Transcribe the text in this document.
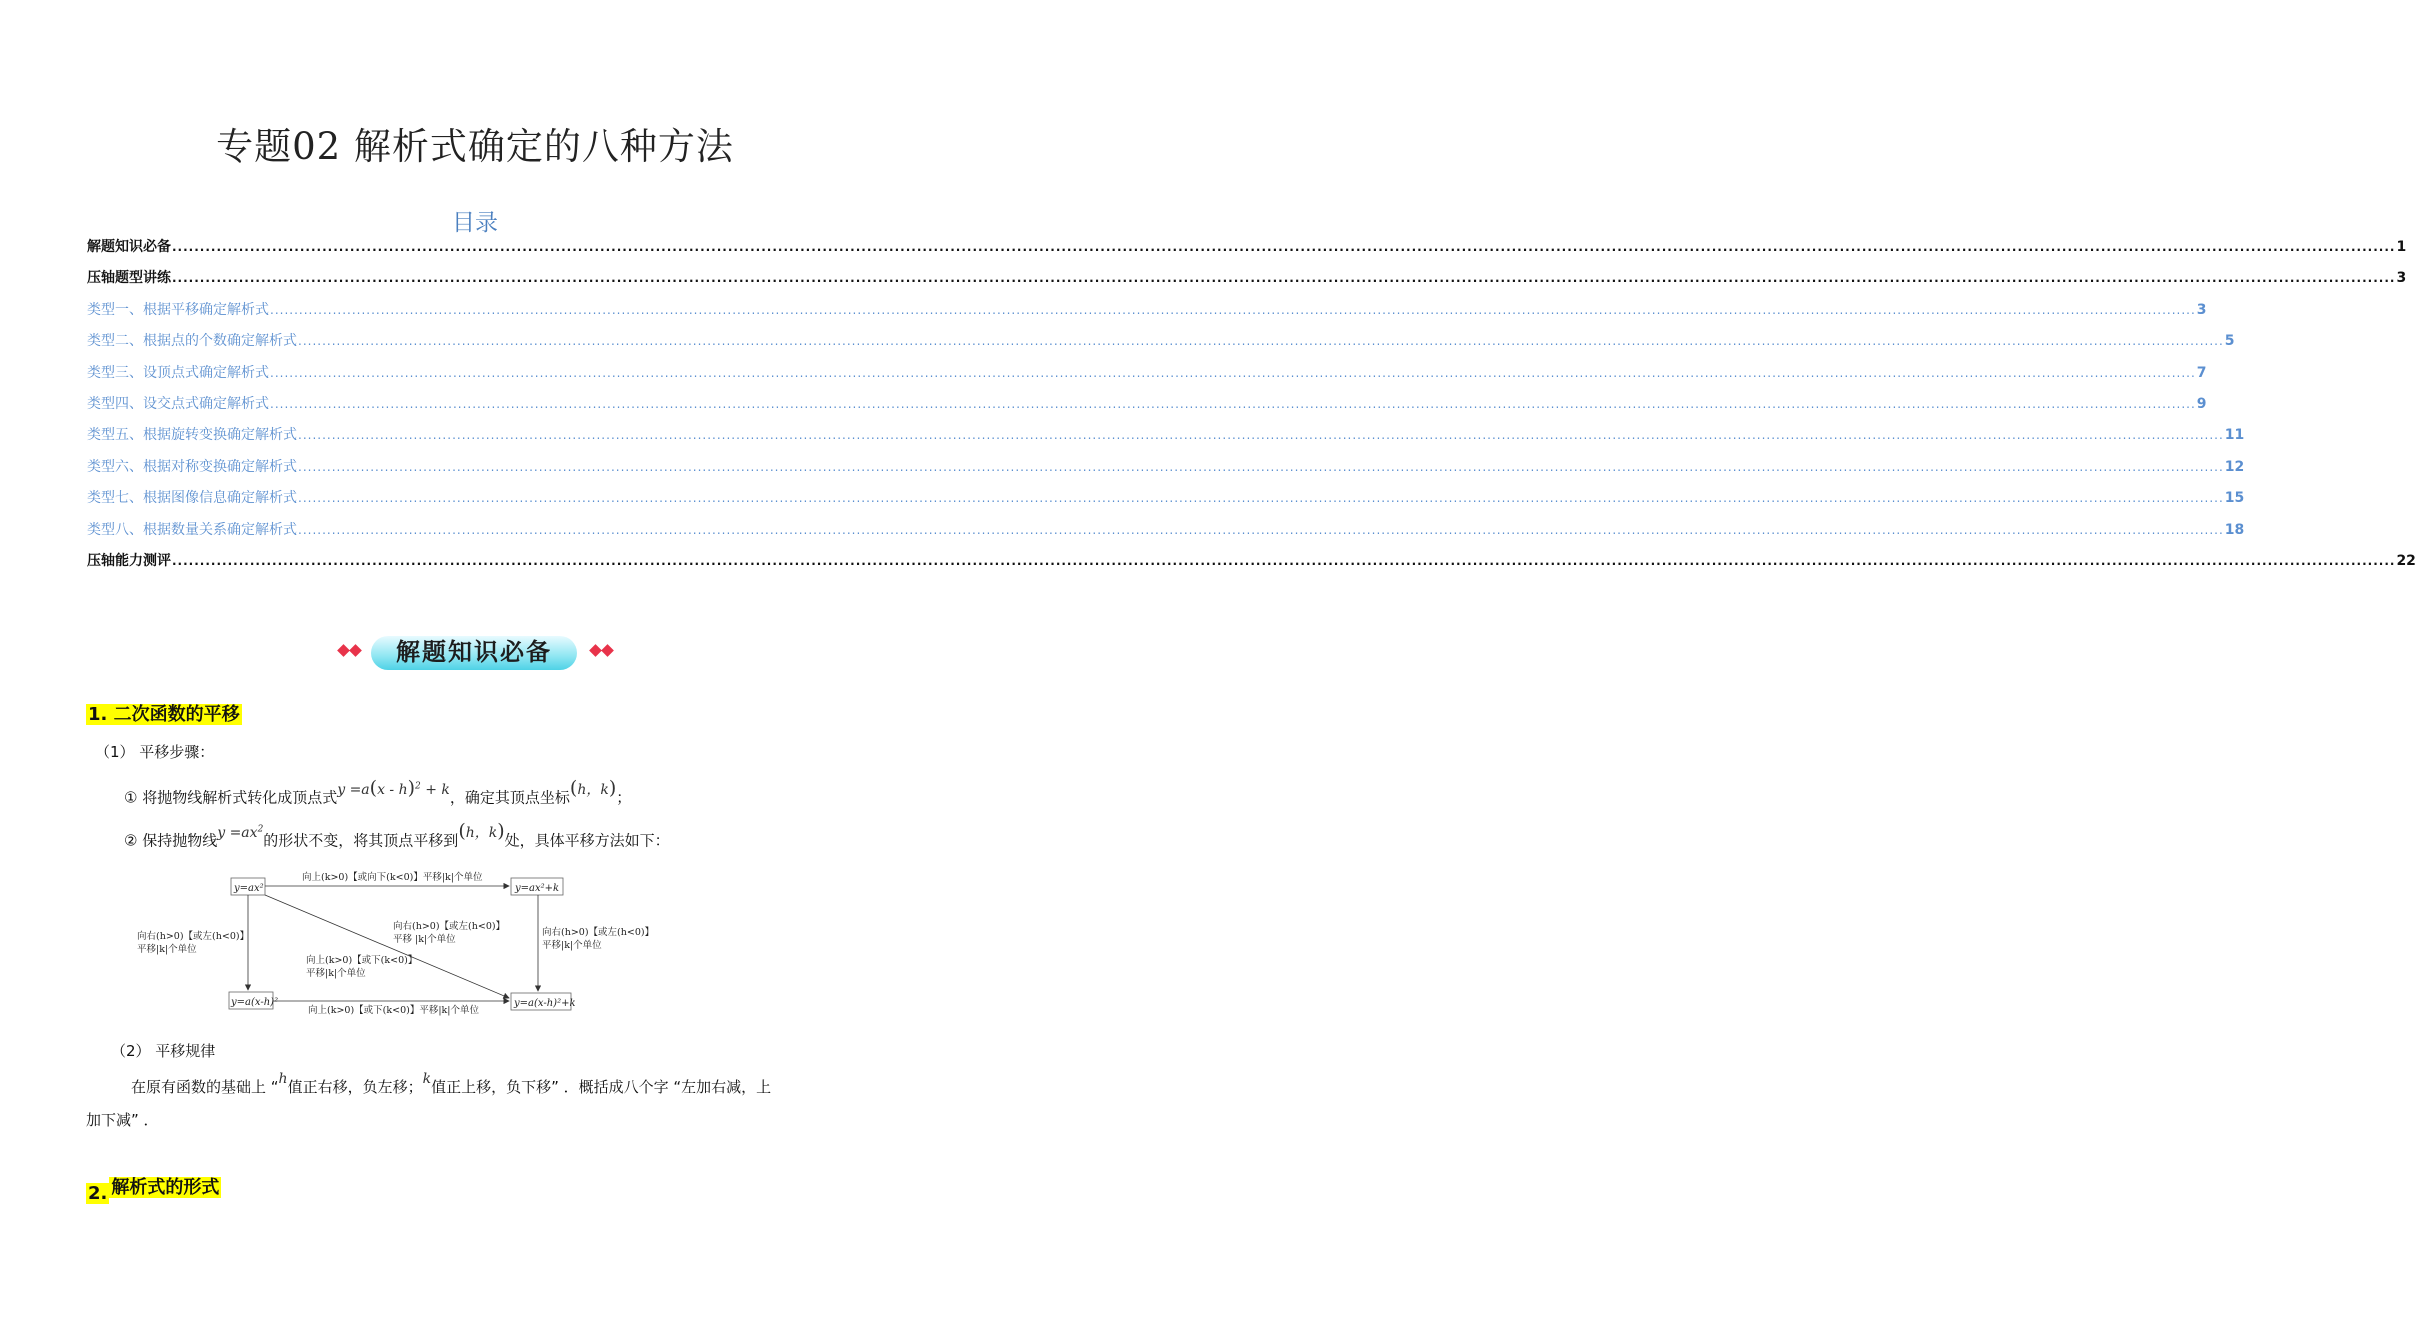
专题02 解析式确定的八种方法
目录
解题知识必备 ................................................................................................................................................................................................................................................................................................................................................................................................................ 1
压轴题型讲练 ................................................................................................................................................................................................................................................................................................................................................................................................................ 3
类型一、根据平移确定解析式 ................................................................................................................................................................................................................................................................................................................................................................................................................ 3
类型二、根据点的个数确定解析式 ................................................................................................................................................................................................................................................................................................................................................................................................................ 5
类型三、设顶点式确定解析式 ................................................................................................................................................................................................................................................................................................................................................................................................................ 7
类型四、设交点式确定解析式 ................................................................................................................................................................................................................................................................................................................................................................................................................ 9
类型五、根据旋转变换确定解析式 ................................................................................................................................................................................................................................................................................................................................................................................................................ 11
类型六、根据对称变换确定解析式 ................................................................................................................................................................................................................................................................................................................................................................................................................ 12
类型七、根据图像信息确定解析式 ................................................................................................................................................................................................................................................................................................................................................................................................................ 15
类型八、根据数量关系确定解析式 ................................................................................................................................................................................................................................................................................................................................................................................................................ 18
压轴能力测评 ................................................................................................................................................................................................................................................................................................................................................................................................................ 22
解题知识必备
1. 二次函数的平移
（1） 平移步骤：
① 将抛物线解析式转化成顶点式y =a(x - h)$^2$ + k，确定其顶点坐标(h，k)；
② 保持抛物线$y =ax^2$的形状不变，将其顶点平移到(h，k)处，具体平移方法如下：
y=ax²	y=ax²+k
y=a(x-h)²	y=a(x-h)²+k
向上(k>0)【或向下(k<0)】平移|k|个单位
向上(k>0)【或下(k<0)】平移|k|个单位
向右(h>0)【或左(h<0)】
平移|k|个单位
向右(h>0)【或左(h<0)】
平移|k|个单位
向右(h>0)【或左(h<0)】
平移 |k|个单位
向上(k>0)【或下(k<0)】
平移|k|个单位
（2） 平移规律
在原有函数的基础上 “h值正右移，负左移；k值正上移，负下移” ．概括成八个字 “左加右减，上
加下减” ．
2. 解析式的形式
